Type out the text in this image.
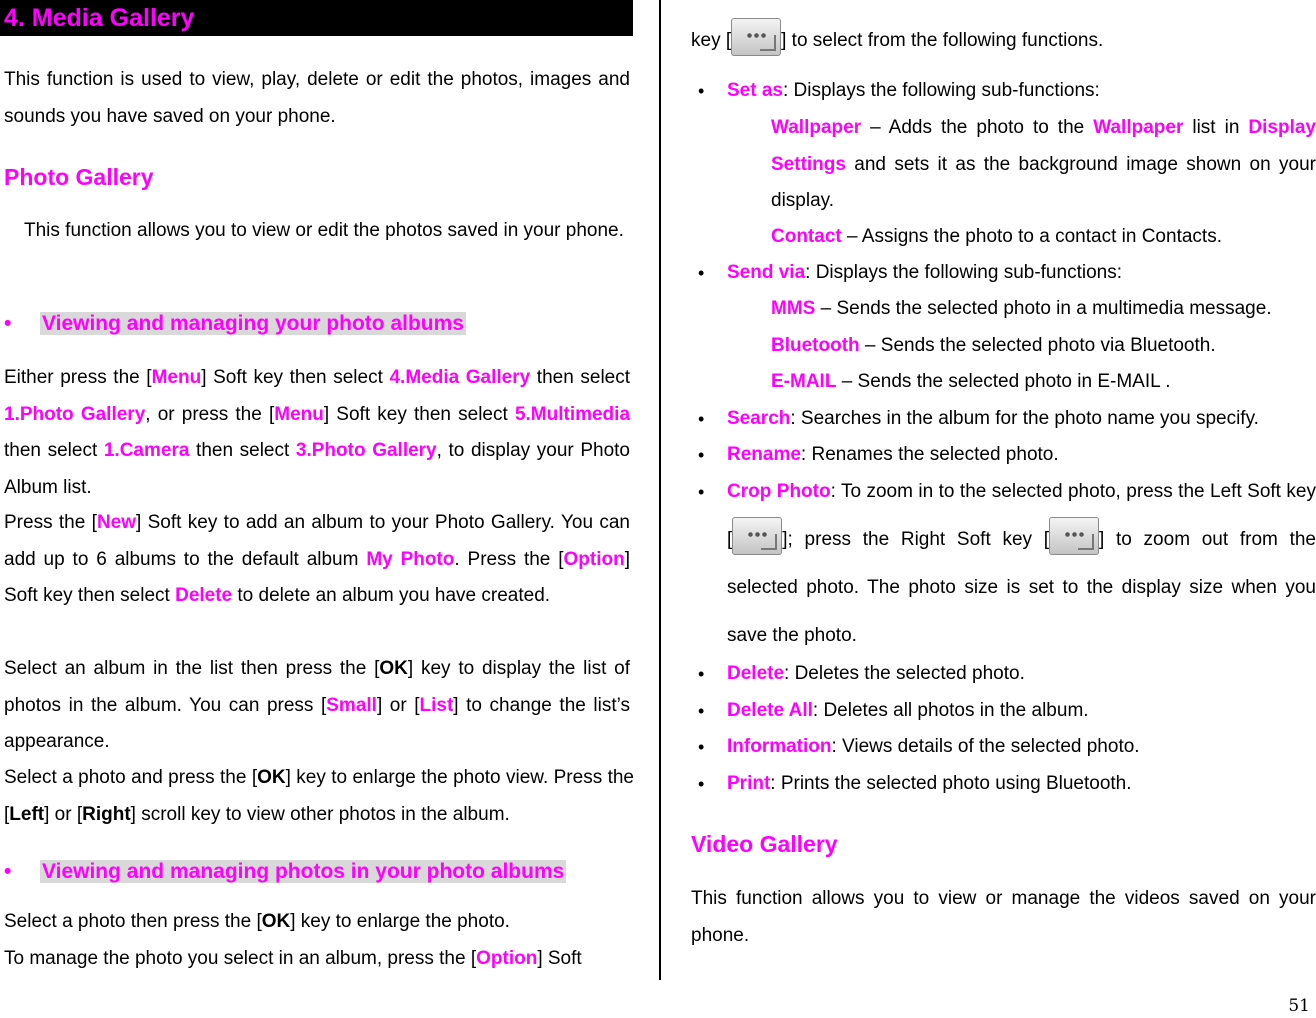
4. Media Gallery

This function is used to view, play, delete or edit the photos, images and sounds you have saved on your phone.

Photo Gallery

This function allows you to view or edit the photos saved in your phone.

• Viewing and managing your photo albums

Either press the [Menu] Soft key then select 4.Media Gallery then select 1.Photo Gallery, or press the [Menu] Soft key then select 5.Multimedia then select 1.Camera then select 3.Photo Gallery, to display your Photo Album list.

Press the [New] Soft key to add an album to your Photo Gallery. You can add up to 6 albums to the default album My Photo. Press the [Option] Soft key then select Delete to delete an album you have created.

Select an album in the list then press the [OK] key to display the list of photos in the album. You can press [Small] or [List] to change the list’s appearance.

Select a photo and press the [OK] key to enlarge the photo view. Press the [Left] or [Right] scroll key to view other photos in the album.

• Viewing and managing photos in your photo albums

Select a photo then press the [OK] key to enlarge the photo.

To manage the photo you select in an album, press the [Option] Soft

key [	] to select from the following functions.

• Set as: Displays the following sub-functions:
Wallpaper – Adds the photo to the Wallpaper list in Display Settings and sets it as the background image shown on your display.
Contact – Assigns the photo to a contact in Contacts.
• Send via: Displays the following sub-functions:
MMS – Sends the selected photo in a multimedia message.
Bluetooth – Sends the selected photo via Bluetooth.
E-MAIL – Sends the selected photo in E-MAIL .
• Search: Searches in the album for the photo name you specify.
• Rename: Renames the selected photo.
• Crop Photo: To zoom in to the selected photo, press the Left Soft key [	]; press the Right Soft key [	] to zoom out from the selected photo. The photo size is set to the display size when you save the photo.
• Delete: Deletes the selected photo.
• Delete All: Deletes all photos in the album.
• Information: Views details of the selected photo.
• Print: Prints the selected photo using Bluetooth.
Video Gallery

This function allows you to view or manage the videos saved on your phone.

51
